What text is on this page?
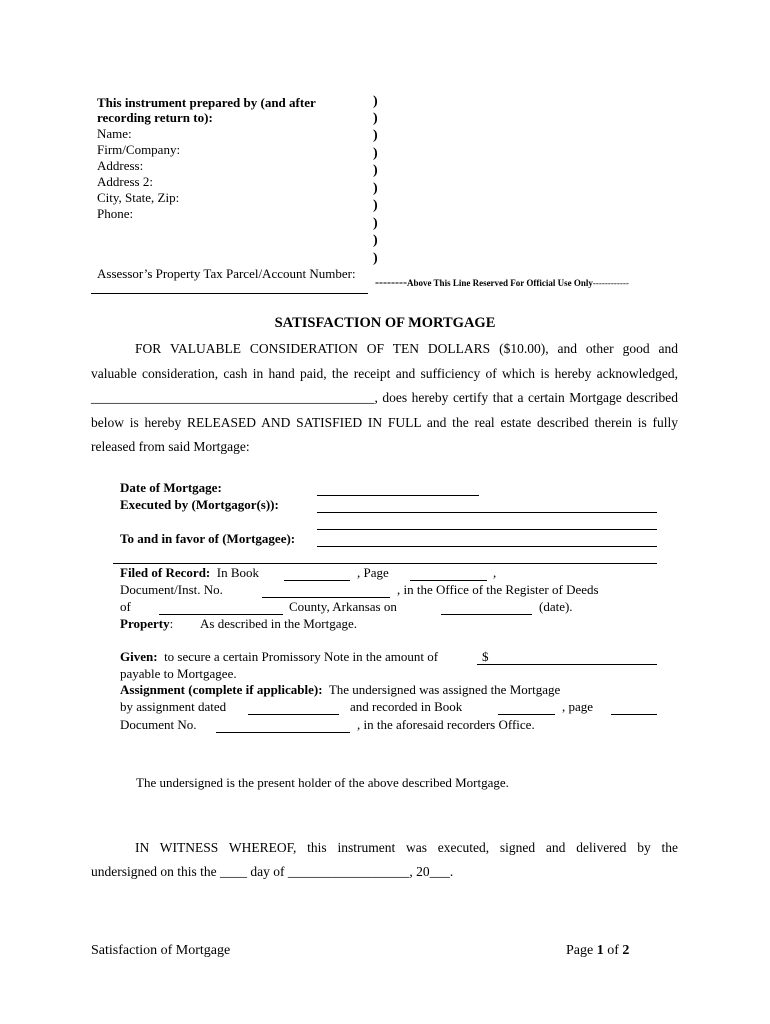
This instrument prepared by (and after
recording return to):
Name:
Firm/Company:
Address:
Address 2:
City, State, Zip:
Phone:
Assessor’s Property Tax Parcel/Account Number:
)
)
)
)
)
)
)
)
)
)
--------Above This Line Reserved For Official Use Only------------
SATISFACTION OF MORTGAGE
FOR VALUABLE CONSIDERATION OF TEN DOLLARS ($10.00), and other good and
valuable consideration, cash in hand paid, the receipt and sufficiency of which is hereby acknowledged,
__________________________________________, does hereby certify that a certain Mortgage described
below is hereby RELEASED AND SATISFIED IN FULL and the real estate described therein is fully
released from said Mortgage:
Date of Mortgage:
Executed by (Mortgagor(s)):
To and in favor of (Mortgagee):
Filed of Record: In Book	, Page	,
Document/Inst. No.	, in the Office of the Register of Deeds
of	County, Arkansas on	(date).
Property: As described in the Mortgage.
Given: to secure a certain Promissory Note in the amount of	$
payable to Mortgagee.
Assignment (complete if applicable): The undersigned was assigned the Mortgage
by assignment dated	and recorded in Book	, page
Document No.	, in the aforesaid recorders Office.
The undersigned is the present holder of the above described Mortgage.
IN WITNESS WHEREOF, this instrument was executed, signed and delivered by the
undersigned on this the ____ day of __________________, 20___.
Satisfaction of Mortgage	Page 1 of 2
